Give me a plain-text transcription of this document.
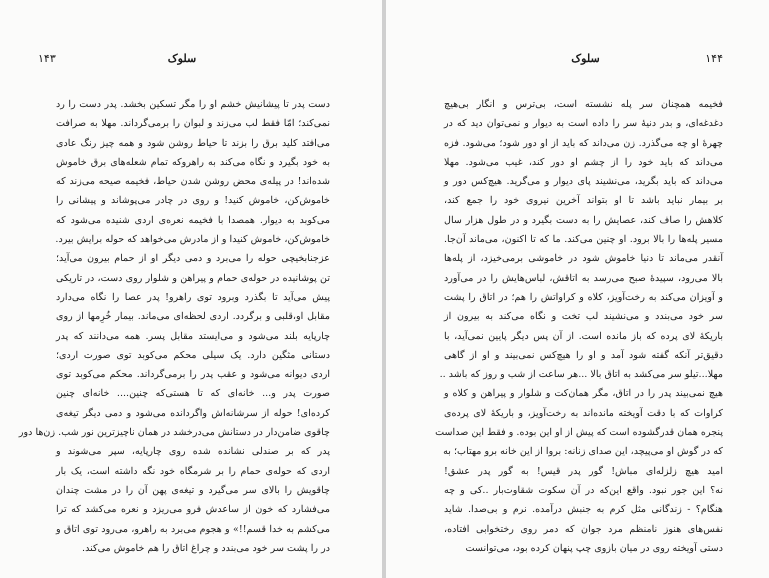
۱۴۳	سلوک
دست پدر تا پیشانیش خشم او را مگر تسکین بخشد. پدر دست را رد
نمی‌کند؛ امّا فقط لب می‌زند و لبوان را برمی‌گرداند. مهلا به صرافت
می‌افتد کلید برق را بزند تا حیاط روشن شود و همه چیز رنگ عادی
به خود بگیرد و نگاه می‌کند به راهروکه تمام شعله‌های برق خاموش
شده‌اند! در پیله‌ی محض روشن شدن حیاط، فخیمه صیحه می‌زند که
خاموش‌کن، خاموش کنید! و روی در چادر می‌پوشاند و پیشانی را
می‌کوبد به دیوار. همصدا با فخیمه نعره‌ی اردی شنیده می‌شود که
خاموش‌کن، خاموش کنیدا و از مادرش می‌خواهد که حوله برایش بیرد.
عزجنابخیچی حوله را می‌برد و دمی دیگر او از حمام بیرون می‌آید؛
تن پوشانیده در حوله‌ی حمام و پیراهن و شلوار روی دست، در تاریکی
پیش می‌آید تا بگذرد وبرود توی راهرو! پدر عصا را نگاه می‌دارد
مقابل او،قلبی و برگردد. اردی لحظه‌ای می‌ماند. بیمار خُرِمها از روی
چارپایه بلند می‌شود و می‌ایستد مقابل پسر. همه می‌دانند که پدر
دستانی مثگین دارد. یک سیلی محکم می‌کوبد توی صورت اردی؛
اردی دیوانه می‌شود و عقب پدر را برمی‌گرداند. محکم می‌کوبد توی
صورت پدر و... خانه‌ای که تا هستی‌که چنین.... خانه‌ای چنین
کرده‌ای! حوله از سرشانه‌اش واگردانده می‌شود و دمی دیگر تیغه‌ی
چاقوی ضامن‌دار در دستانش می‌درخشد در همان ناچیزترین نور شب. زن‌ها دور
پدر که بر صندلی نشانده شده روی چارپایه، سپر می‌شوند و
اردی که حوله‌ی حمام را بر شرمگاه خود نگه داشته است، یک بار
چاقویش را بالای سر می‌گیرد و تیغه‌ی پهن آن را در مشت چندان
می‌فشارد که خون از ساعدش فرو می‌ریزد و نعره می‌کشد که ترا
می‌کشم به خدا قسم!!» و هجوم می‌برد به راهرو، می‌رود توی اتاق و
در را پشت سر خود می‌بندد و چراغ اتاق را هم خاموش می‌کند.
۱۴۴
سلوک
فخیمه همچنان سر پله نشسته است، بی‌ترس و انگار بی‌هیچ
دغدغه‌ای، و بدر دنیهٔ سر را داده است به دیوار و نمی‌توان دید که در
چهره‌ٔ او چه می‌گذرد. زن می‌داند که باید از او دور شود؛ می‌شود. فزه
می‌داند که باید خود را از چشم او دور کند، غیب می‌شود. مهلا
می‌داند که باید بگرید، می‌نشیند پای دیوار و می‌گرید. هیچ‌کس دور و
بر بیمار نباید باشد تا او بتواند آخرین نیروی خود را جمع کند،
کلاهش را صاف کند، عصایش را به دست بگیرد و در طول هزار سال
مسیر پله‌ها را بالا برود. او چنین می‌کند. ما که تا اکنون، می‌ماند آن‌جا.
آنقدر می‌ماند تا دنیا خاموش شود در خاموشی برمی‌خیزد، از پله‌ها
بالا می‌رود، سپیدهٔ صبح می‌رسد به اتاقش، لباس‌هایش را در می‌آورد
و آویزان می‌کند به رخت‌آویز، کلاه و کراواتش را هم؛ در اتاق را پشت
سر خود می‌بندد و می‌نشیند لب تخت و نگاه می‌کند به بیرون از
باریکهٔ لای پرده که باز مانده است. از آن پس دیگر پایین نمی‌آید، با
دقیق‌تر آنکه گفته شود آمد و او را هیچ‌کس نمی‌بیند و او از گاهی
مهلا...تیلو سر می‌کشد به اتاق بالا ...هر ساعت از شب و روز که باشد ..
هیچ نمی‌بیند پدر را در اتاق، مگر همان‌کت و شلوار و پیراهن و کلاه و
کراوات که با دقت آویخته مانده‌اند به رخت‌آویز، و باریکهٔ لای پرده‌ی
پنجره همان قدرگشوده است که پیش از او این بوده. و فقط این صداست
که در گوش او می‌پیچد، این صدای زنانه: بروا از این خانه برو مهتاب؛ به
امید هیچ زلزله‌ای مباش! گور پدر قیس! به گور پدر عشق!
نه؟ این جور نبود. واقع این‌که در آن سکوت شقاوت‌بار ..کی و چه
هنگام؟ - زندگانی مثل کرم به جنبش درآمده. نرم و بی‌صدا. شاید
نفس‌های هنوز نامنظم مرد جوان که دمر روی رختخوابی افتاده،
دستی آویخته روی در میان بازوی چپ پنهان کرده بود، می‌توانست
